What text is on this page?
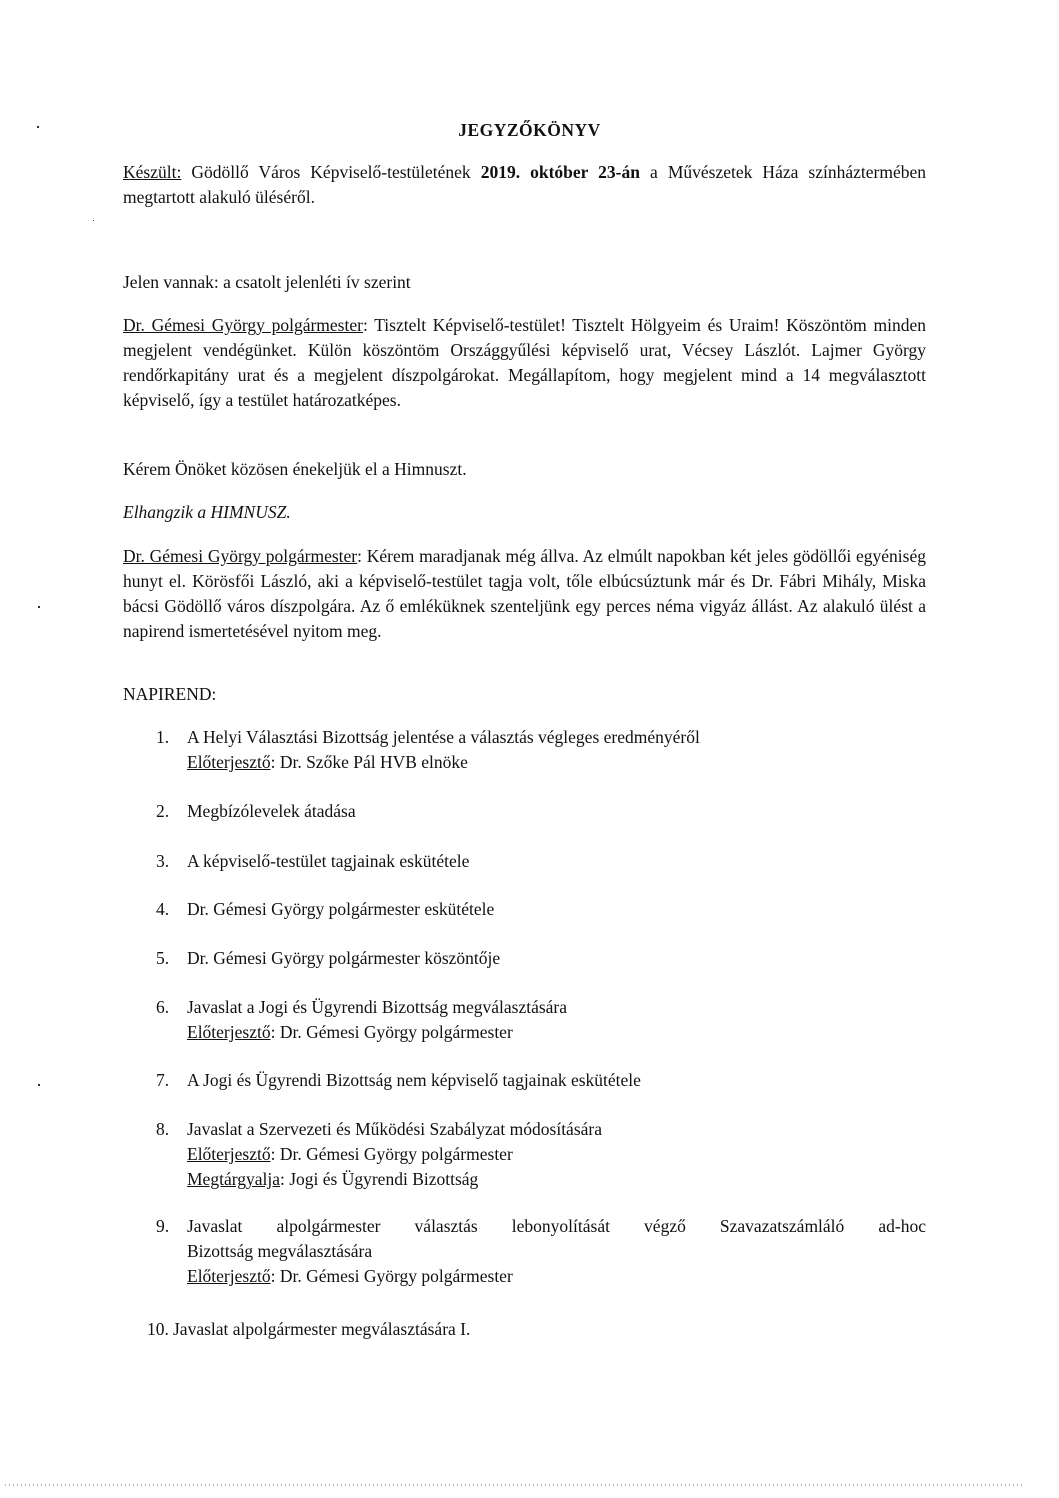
JEGYZŐKÖNYV
Készült: Gödöllő Város Képviselő-testületének 2019. október 23-án a Művészetek Háza színháztermében megtartott alakuló üléséről.
Jelen vannak: a csatolt jelenléti ív szerint
Dr. Gémesi György polgármester: Tisztelt Képviselő-testület! Tisztelt Hölgyeim és Uraim! Köszöntöm minden megjelent vendégünket. Külön köszöntöm Országgyűlési képviselő urat, Vécsey Lászlót. Lajmer György rendőrkapitány urat és a megjelent díszpolgárokat. Megállapítom, hogy megjelent mind a 14 megválasztott képviselő, így a testület határozatképes.
Kérem Önöket közösen énekeljük el a Himnuszt.
Elhangzik a HIMNUSZ.
Dr. Gémesi György polgármester: Kérem maradjanak még állva. Az elmúlt napokban két jeles gödöllői egyéniség hunyt el. Körösfői László, aki a képviselő-testület tagja volt, tőle elbúcsúztunk már és Dr. Fábri Mihály, Miska bácsi Gödöllő város díszpolgára. Az ő emléküknek szenteljünk egy perces néma vigyáz állást. Az alakuló ülést a napirend ismertetésével nyitom meg.
NAPIREND:
1.	A Helyi Választási Bizottság jelentése a választás végleges eredményéről
Előterjesztő: Dr. Szőke Pál HVB elnöke
2.	Megbízólevelek átadása
3.	A képviselő-testület tagjainak eskütétele
4.	Dr. Gémesi György polgármester eskütétele
5.	Dr. Gémesi György polgármester köszöntője
6.	Javaslat a Jogi és Ügyrendi Bizottság megválasztására
Előterjesztő: Dr. Gémesi György polgármester
7.	A Jogi és Ügyrendi Bizottság nem képviselő tagjainak eskütétele
8.	Javaslat a Szervezeti és Működési Szabályzat módosítására
Előterjesztő: Dr. Gémesi György polgármester
Megtárgyalja: Jogi és Ügyrendi Bizottság
9.	Javaslat alpolgármester választás lebonyolítását végző Szavazatszámláló ad-hoc
Bizottság megválasztására
Előterjesztő: Dr. Gémesi György polgármester
10. Javaslat alpolgármester megválasztására I.
